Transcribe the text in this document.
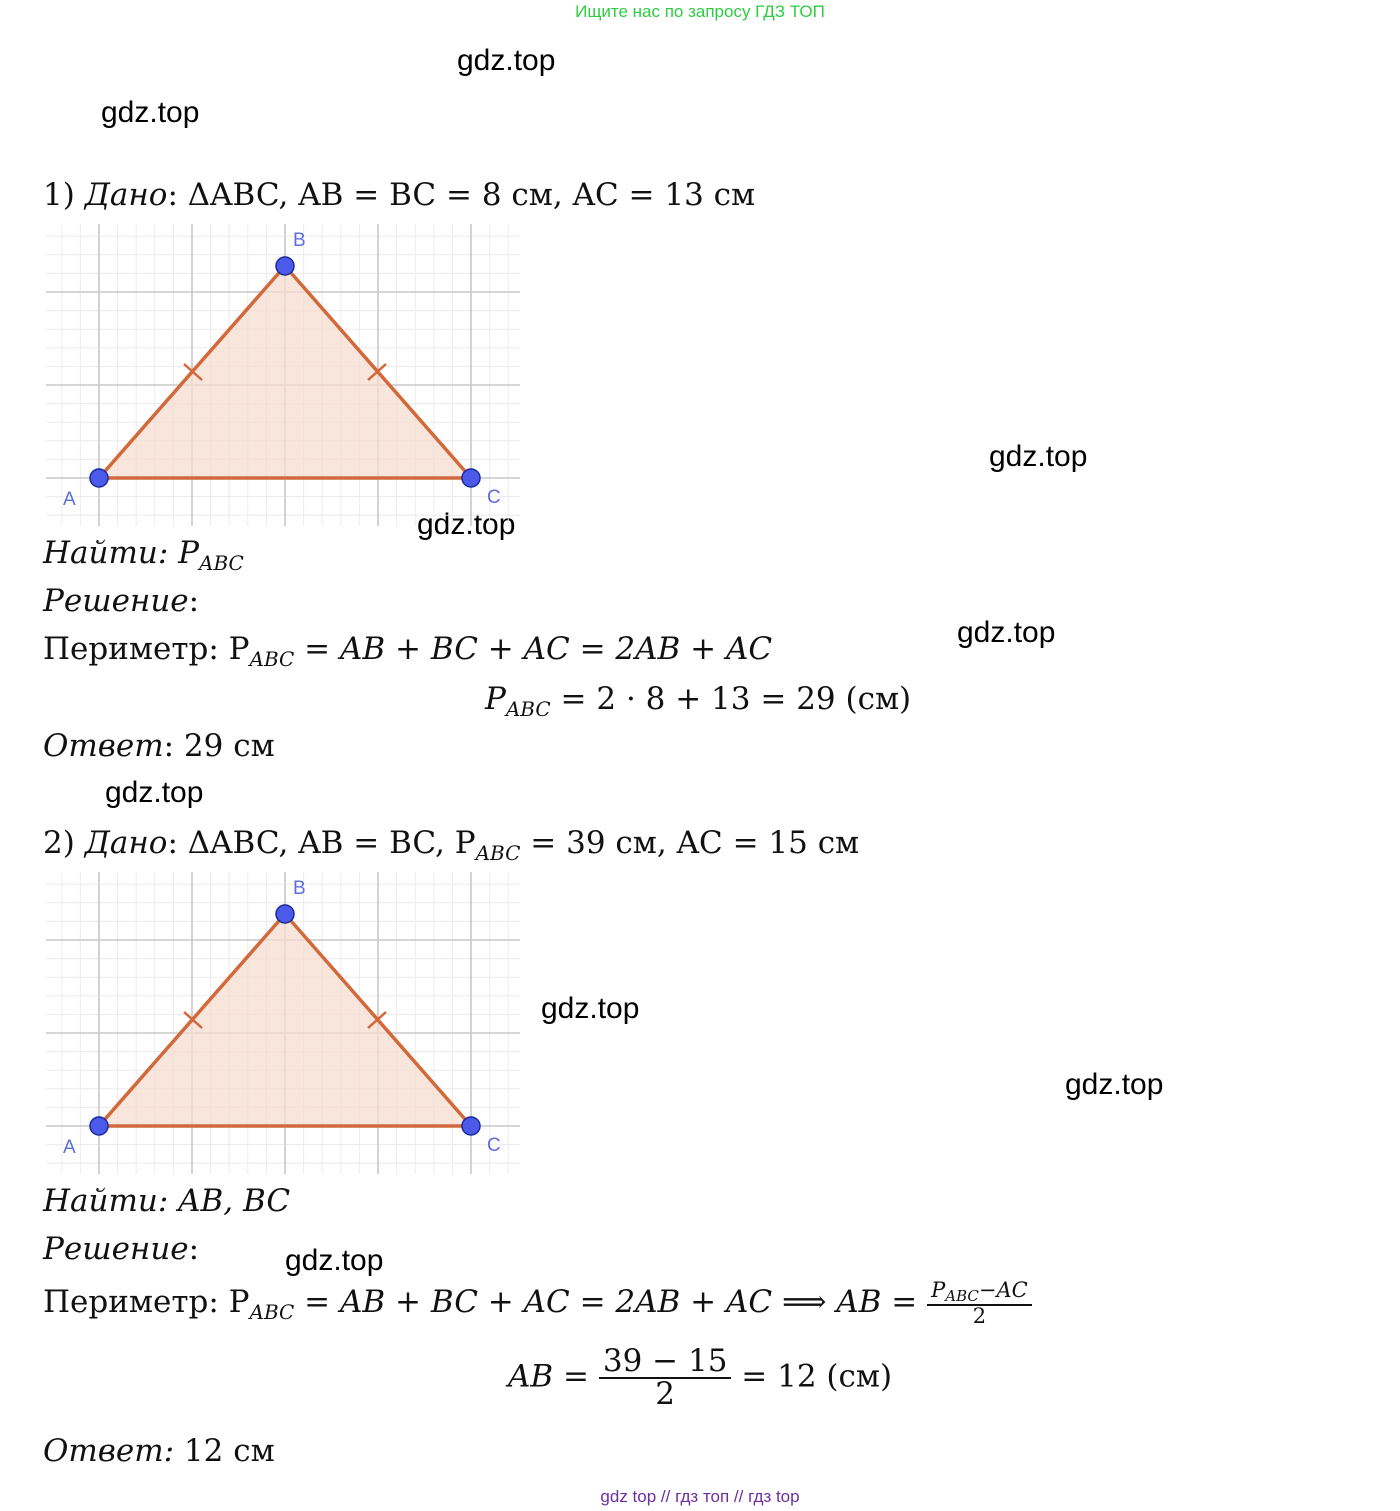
Ищите нас по запросу ГДЗ ТОП
gdz.top
gdz.top
gdz.top
gdz.top
gdz.top
gdz.top
gdz.top
gdz.top
gdz.top
1) Дано: ΔABC, AB = BC = 8 см, AC = 13 см
A
B
C
Найти: $P_{ABC}$
Решение:
Периметр: $P_{ABC}$ = AB + BC + AC = 2AB + AC
$P_{ABC} = 2 \cdot 8 + 13 = 29$ (см)
Ответ: 29 см
2) Дано: ΔABC, AB = BC, $P_{ABC} = 39$ см, AC = 15 см
A
B
C
Найти: AB, BC
Решение:
Периметр: $P_{ABC}$ = AB + BC + AC = 2AB + AC ⟹ AB = $\frac{P_{ABC}-AC}{2}$
AB = $\frac{39 - 15}{2} = 12$ (см)
Ответ: 12 см
gdz top // гдз топ // гдз top
